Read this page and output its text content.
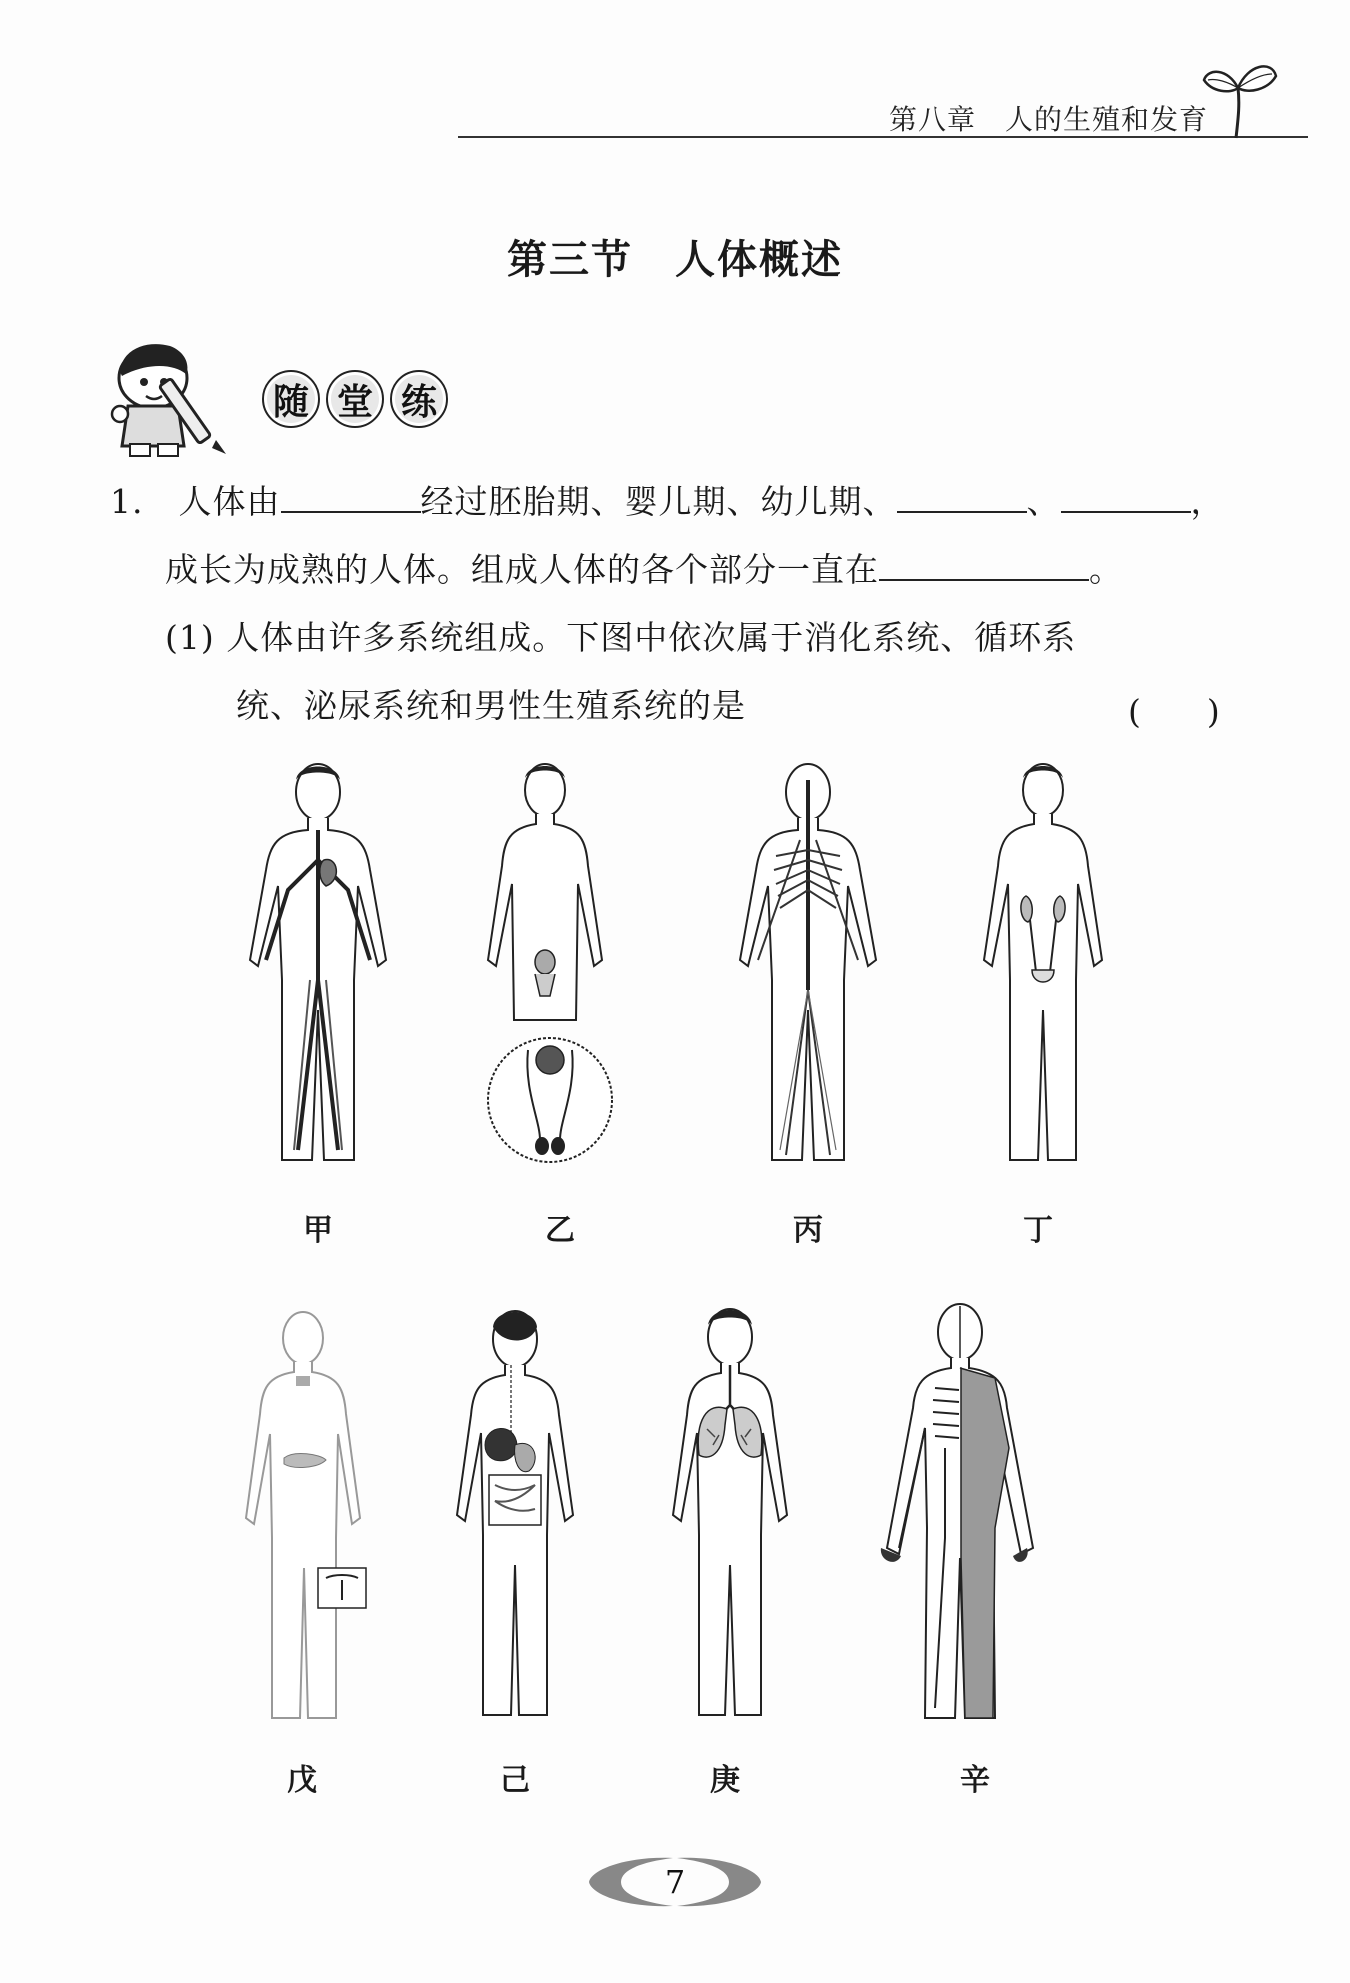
第八章　人的生殖和发育
第三节　人体概述
随 堂 练
1. 人体由	经过胚胎期、婴儿期、幼儿期、	、	，
成长为成熟的人体。组成人体的各个部分一直在	。
(1) 人体由许多系统组成。下图中依次属于消化系统、循环系
统、泌尿系统和男性生殖系统的是	(　　)
甲	乙	丙	丁
戊	己	庚	辛
7
